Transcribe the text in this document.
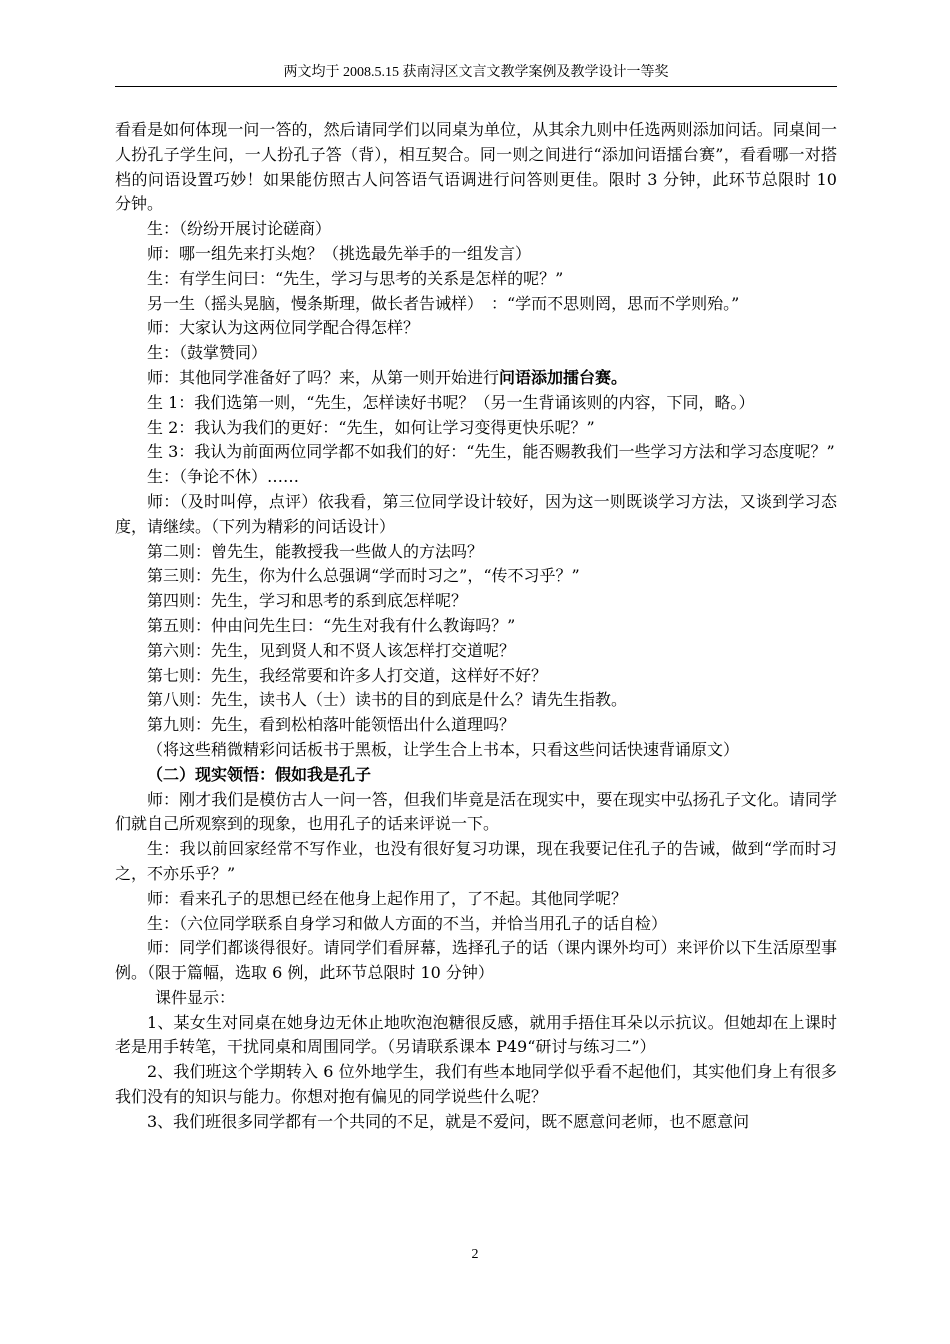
两文均于 2008.5.15 获南浔区文言文教学案例及教学设计一等奖

看看是如何体现一问一答的，然后请同学们以同桌为单位，从其余九则中任选两则添加问话。同桌间一人扮孔子学生问，一人扮孔子答（背），相互契合。同一则之间进行“添加问语擂台赛”，看看哪一对搭档的问语设置巧妙！如果能仿照古人问答语气语调进行问答则更佳。限时 3 分钟，此环节总限时 10 分钟。

生：（纷纷开展讨论磋商）

师：哪一组先来打头炮？（挑选最先举手的一组发言）

生：有学生问曰：“先生，学习与思考的关系是怎样的呢？”

另一生（摇头晃脑，慢条斯理，做长者告诫样）　：“学而不思则罔，思而不学则殆。”

师：大家认为这两位同学配合得怎样？

生：（鼓掌赞同）

师：其他同学准备好了吗？来，从第一则开始进行问语添加擂台赛。

生 1：我们选第一则，“先生，怎样读好书呢？（另一生背诵该则的内容，下同，略。）

生 2：我认为我们的更好：“先生，如何让学习变得更快乐呢？”

生 3：我认为前面两位同学都不如我们的好：“先生，能否赐教我们一些学习方法和学习态度呢？”

生：（争论不休）……

师：（及时叫停，点评）依我看，第三位同学设计较好，因为这一则既谈学习方法，又谈到学习态度，请继续。（下列为精彩的问话设计）

第二则：曾先生，能教授我一些做人的方法吗？

第三则：先生，你为什么总强调“学而时习之”，“传不习乎？”

第四则：先生，学习和思考的系到底怎样呢？

第五则：仲由问先生曰：“先生对我有什么教诲吗？”

第六则：先生，见到贤人和不贤人该怎样打交道呢？

第七则：先生，我经常要和许多人打交道，这样好不好？

第八则：先生，读书人（士）读书的目的到底是什么？请先生指教。

第九则：先生，看到松柏落叶能领悟出什么道理吗？

（将这些稍微精彩问话板书于黑板，让学生合上书本，只看这些问话快速背诵原文）

（二）现实领悟：假如我是孔子

师：刚才我们是模仿古人一问一答，但我们毕竟是活在现实中，要在现实中弘扬孔子文化。请同学们就自己所观察到的现象，也用孔子的话来评说一下。

生：我以前回家经常不写作业，也没有很好复习功课，现在我要记住孔子的告诫，做到“学而时习之，不亦乐乎？”

师：看来孔子的思想已经在他身上起作用了，了不起。其他同学呢？

生：（六位同学联系自身学习和做人方面的不当，并恰当用孔子的话自检）

师：同学们都谈得很好。请同学们看屏幕，选择孔子的话（课内课外均可）来评价以下生活原型事例。（限于篇幅，选取 6 例，此环节总限时 10 分钟）

课件显示：

1、某女生对同桌在她身边无休止地吹泡泡糖很反感，就用手捂住耳朵以示抗议。但她却在上课时老是用手转笔，干扰同桌和周围同学。（另请联系课本 P49“研讨与练习二”）

2、我们班这个学期转入 6 位外地学生，我们有些本地同学似乎看不起他们，其实他们身上有很多我们没有的知识与能力。你想对抱有偏见的同学说些什么呢？

3、我们班很多同学都有一个共同的不足，就是不爱问，既不愿意问老师，也不愿意问

2
